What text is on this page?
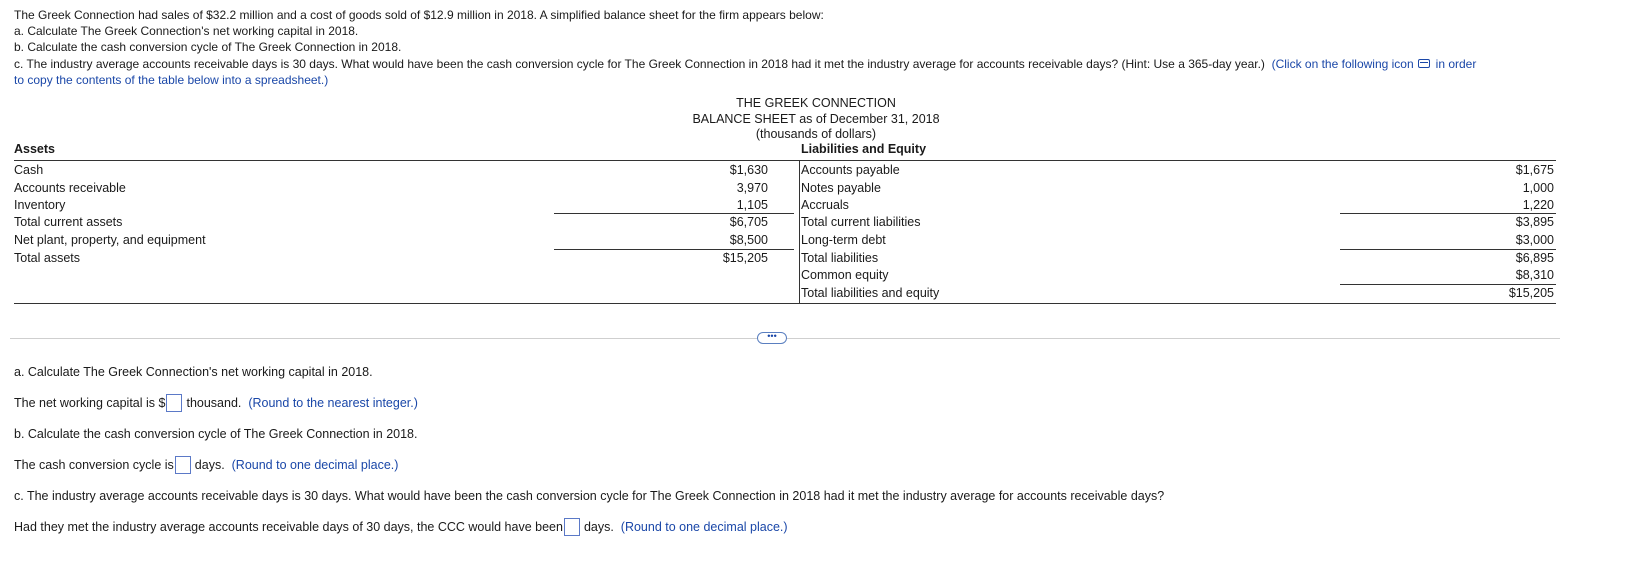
The Greek Connection had sales of $32.2 million and a cost of goods sold of $12.9 million in 2018. A simplified balance sheet for the firm appears below:
a. Calculate The Greek Connection's net working capital in 2018.
b. Calculate the cash conversion cycle of The Greek Connection in 2018.
c. The industry average accounts receivable days is 30 days. What would have been the cash conversion cycle for The Greek Connection in 2018 had it met the industry average for accounts receivable days? (Hint: Use a 365-day year.) (Click on the following icon in order
to copy the contents of the table below into a spreadsheet.)
THE GREEK CONNECTION
BALANCE SHEET as of December 31, 2018
(thousands of dollars)
Assets	Liabilities and Equity
Cash	$1,630
Accounts receivable	3,970
Inventory	1,105
Total current assets	$6,705
Net plant, property, and equipment	$8,500
Total assets	$15,205
Accounts payable	$1,675
Notes payable	1,000
Accruals	1,220
Total current liabilities	$3,895
Long-term debt	$3,000
Total liabilities	$6,895
Common equity	$8,310
Total liabilities and equity	$15,205
•••
a. Calculate The Greek Connection's net working capital in 2018.
The net working capital is $ thousand. (Round to the nearest integer.)
b. Calculate the cash conversion cycle of The Greek Connection in 2018.
The cash conversion cycle is days. (Round to one decimal place.)
c. The industry average accounts receivable days is 30 days. What would have been the cash conversion cycle for The Greek Connection in 2018 had it met the industry average for accounts receivable days?
Had they met the industry average accounts receivable days of 30 days, the CCC would have been days. (Round to one decimal place.)
